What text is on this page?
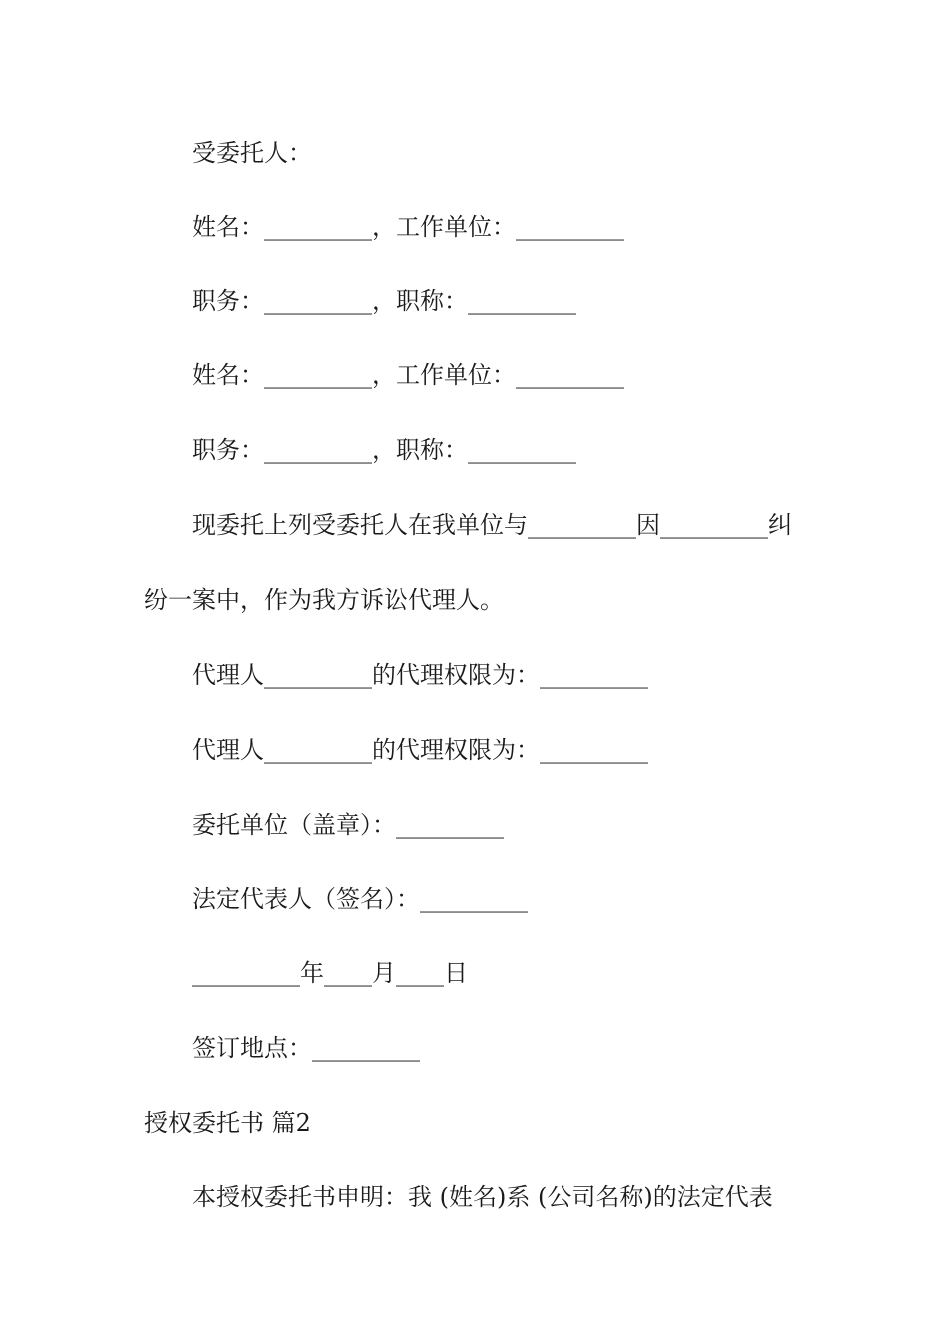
受委托人：
姓名：_________，工作单位：_________
职务：_________，职称：_________
姓名：_________，工作单位：_________
职务：_________，职称：_________
现委托上列受委托人在我单位与_________因_________纠
纷一案中，作为我方诉讼代理人。
代理人_________的代理权限为：_________
代理人_________的代理权限为：_________
委托单位（盖章）：_________
法定代表人（签名）：_________
_________年____月____日
签订地点：_________
授权委托书 篇2
本授权委托书申明：我 (姓名)系 (公司名称)的法定代表
